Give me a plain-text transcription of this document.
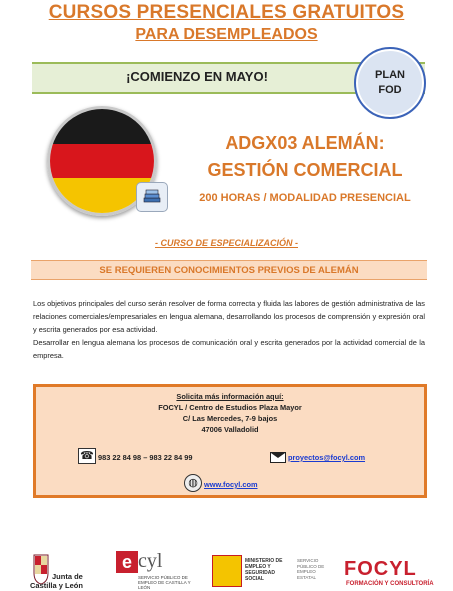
CURSOS PRESENCIALES GRATUITOS
PARA DESEMPLEADOS
¡COMIENZO EN MAYO!	PLAN
FOD
ADGX03 ALEMÁN:
GESTIÓN COMERCIAL
200 HORAS / MODALIDAD PRESENCIAL
- CURSO DE ESPECIALIZACIÓN -
SE REQUIEREN CONOCIMIENTOS PREVIOS DE ALEMÁN
Los objetivos principales del curso serán resolver de forma correcta y fluida las labores de gestión administrativa de las relaciones comerciales/empresariales en lengua alemana, desarrollando los procesos de comprensión y expresión oral y escrita generados por esa actividad.
Desarrollar en lengua alemana los procesos de comunicación oral y escrita generados por la actividad comercial de la empresa.
Solicita más información aquí:
FOCYL / Centro de Estudios Plaza Mayor
C/ Las Mercedes, 7-9 bajos
47006 Valladolid
☎ 983 22 84 98 – 983 22 84 99	proyectos@focyl.com
◍ www.focyl.com
Junta de
Castilla y León
e cyl
SERVICIO PÚBLICO DE EMPLEO DE CASTILLA Y LEÓN
MINISTERIO DE EMPLEO Y SEGURIDAD SOCIAL
SERVICIO PÚBLICO DE EMPLEO ESTATAL	FOCYL
FORMACIÓN Y CONSULTORÍA
